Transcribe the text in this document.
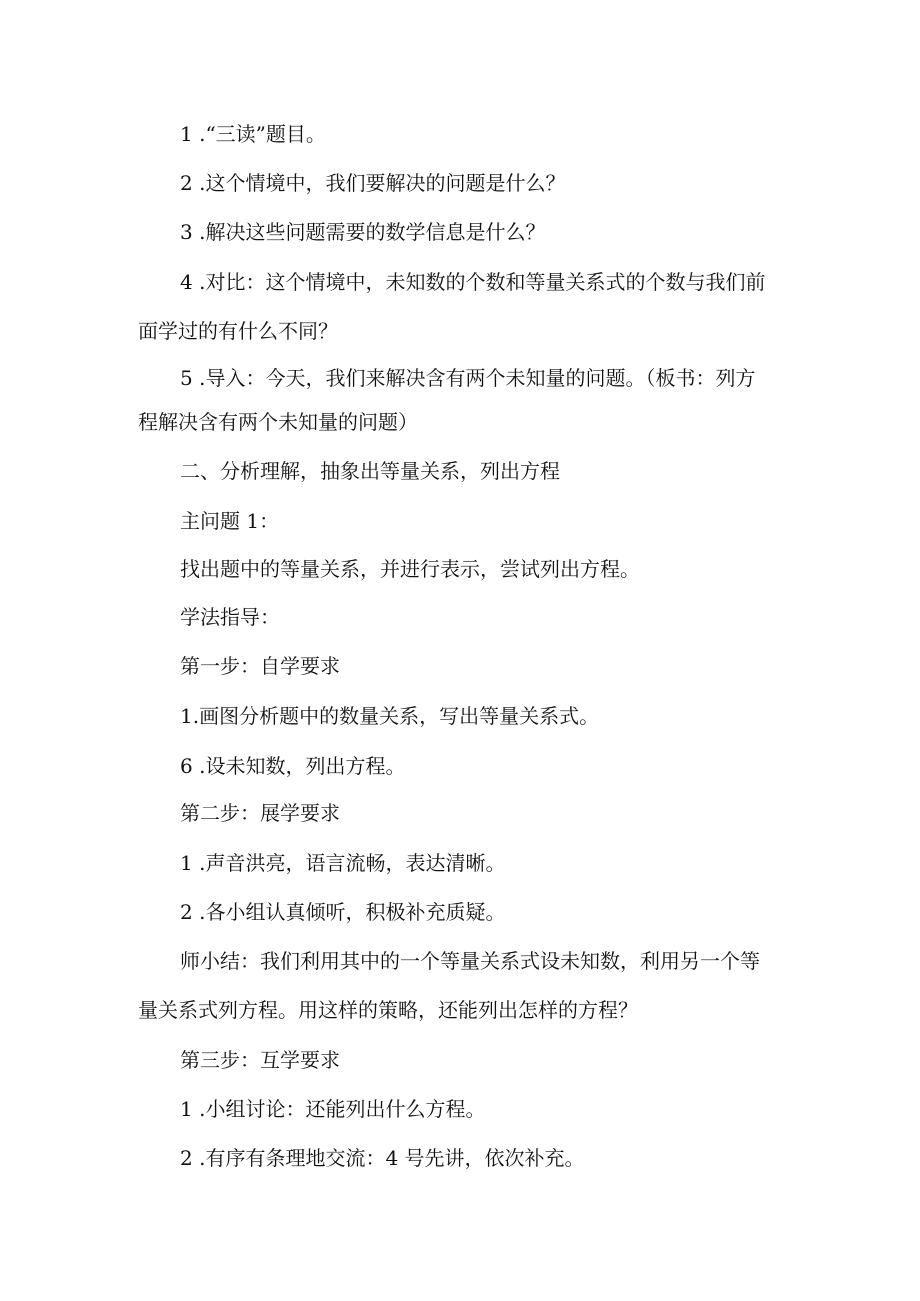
1 .“三读”题目。
2 .这个情境中，我们要解决的问题是什么？
3 .解决这些问题需要的数学信息是什么？
4 .对比：这个情境中，未知数的个数和等量关系式的个数与我们前
面学过的有什么不同？
5 .导入：今天，我们来解决含有两个未知量的问题。（板书：列方
程解决含有两个未知量的问题）
二、分析理解，抽象出等量关系，列出方程
主问题 1：
找出题中的等量关系，并进行表示，尝试列出方程。
学法指导：
第一步：自学要求
1.画图分析题中的数量关系，写出等量关系式。
6 .设未知数，列出方程。
第二步：展学要求
1 .声音洪亮，语言流畅，表达清晰。
2 .各小组认真倾听，积极补充质疑。
师小结：我们利用其中的一个等量关系式设未知数，利用另一个等
量关系式列方程。用这样的策略，还能列出怎样的方程？
第三步：互学要求
1 .小组讨论：还能列出什么方程。
2 .有序有条理地交流：4 号先讲，依次补充。
